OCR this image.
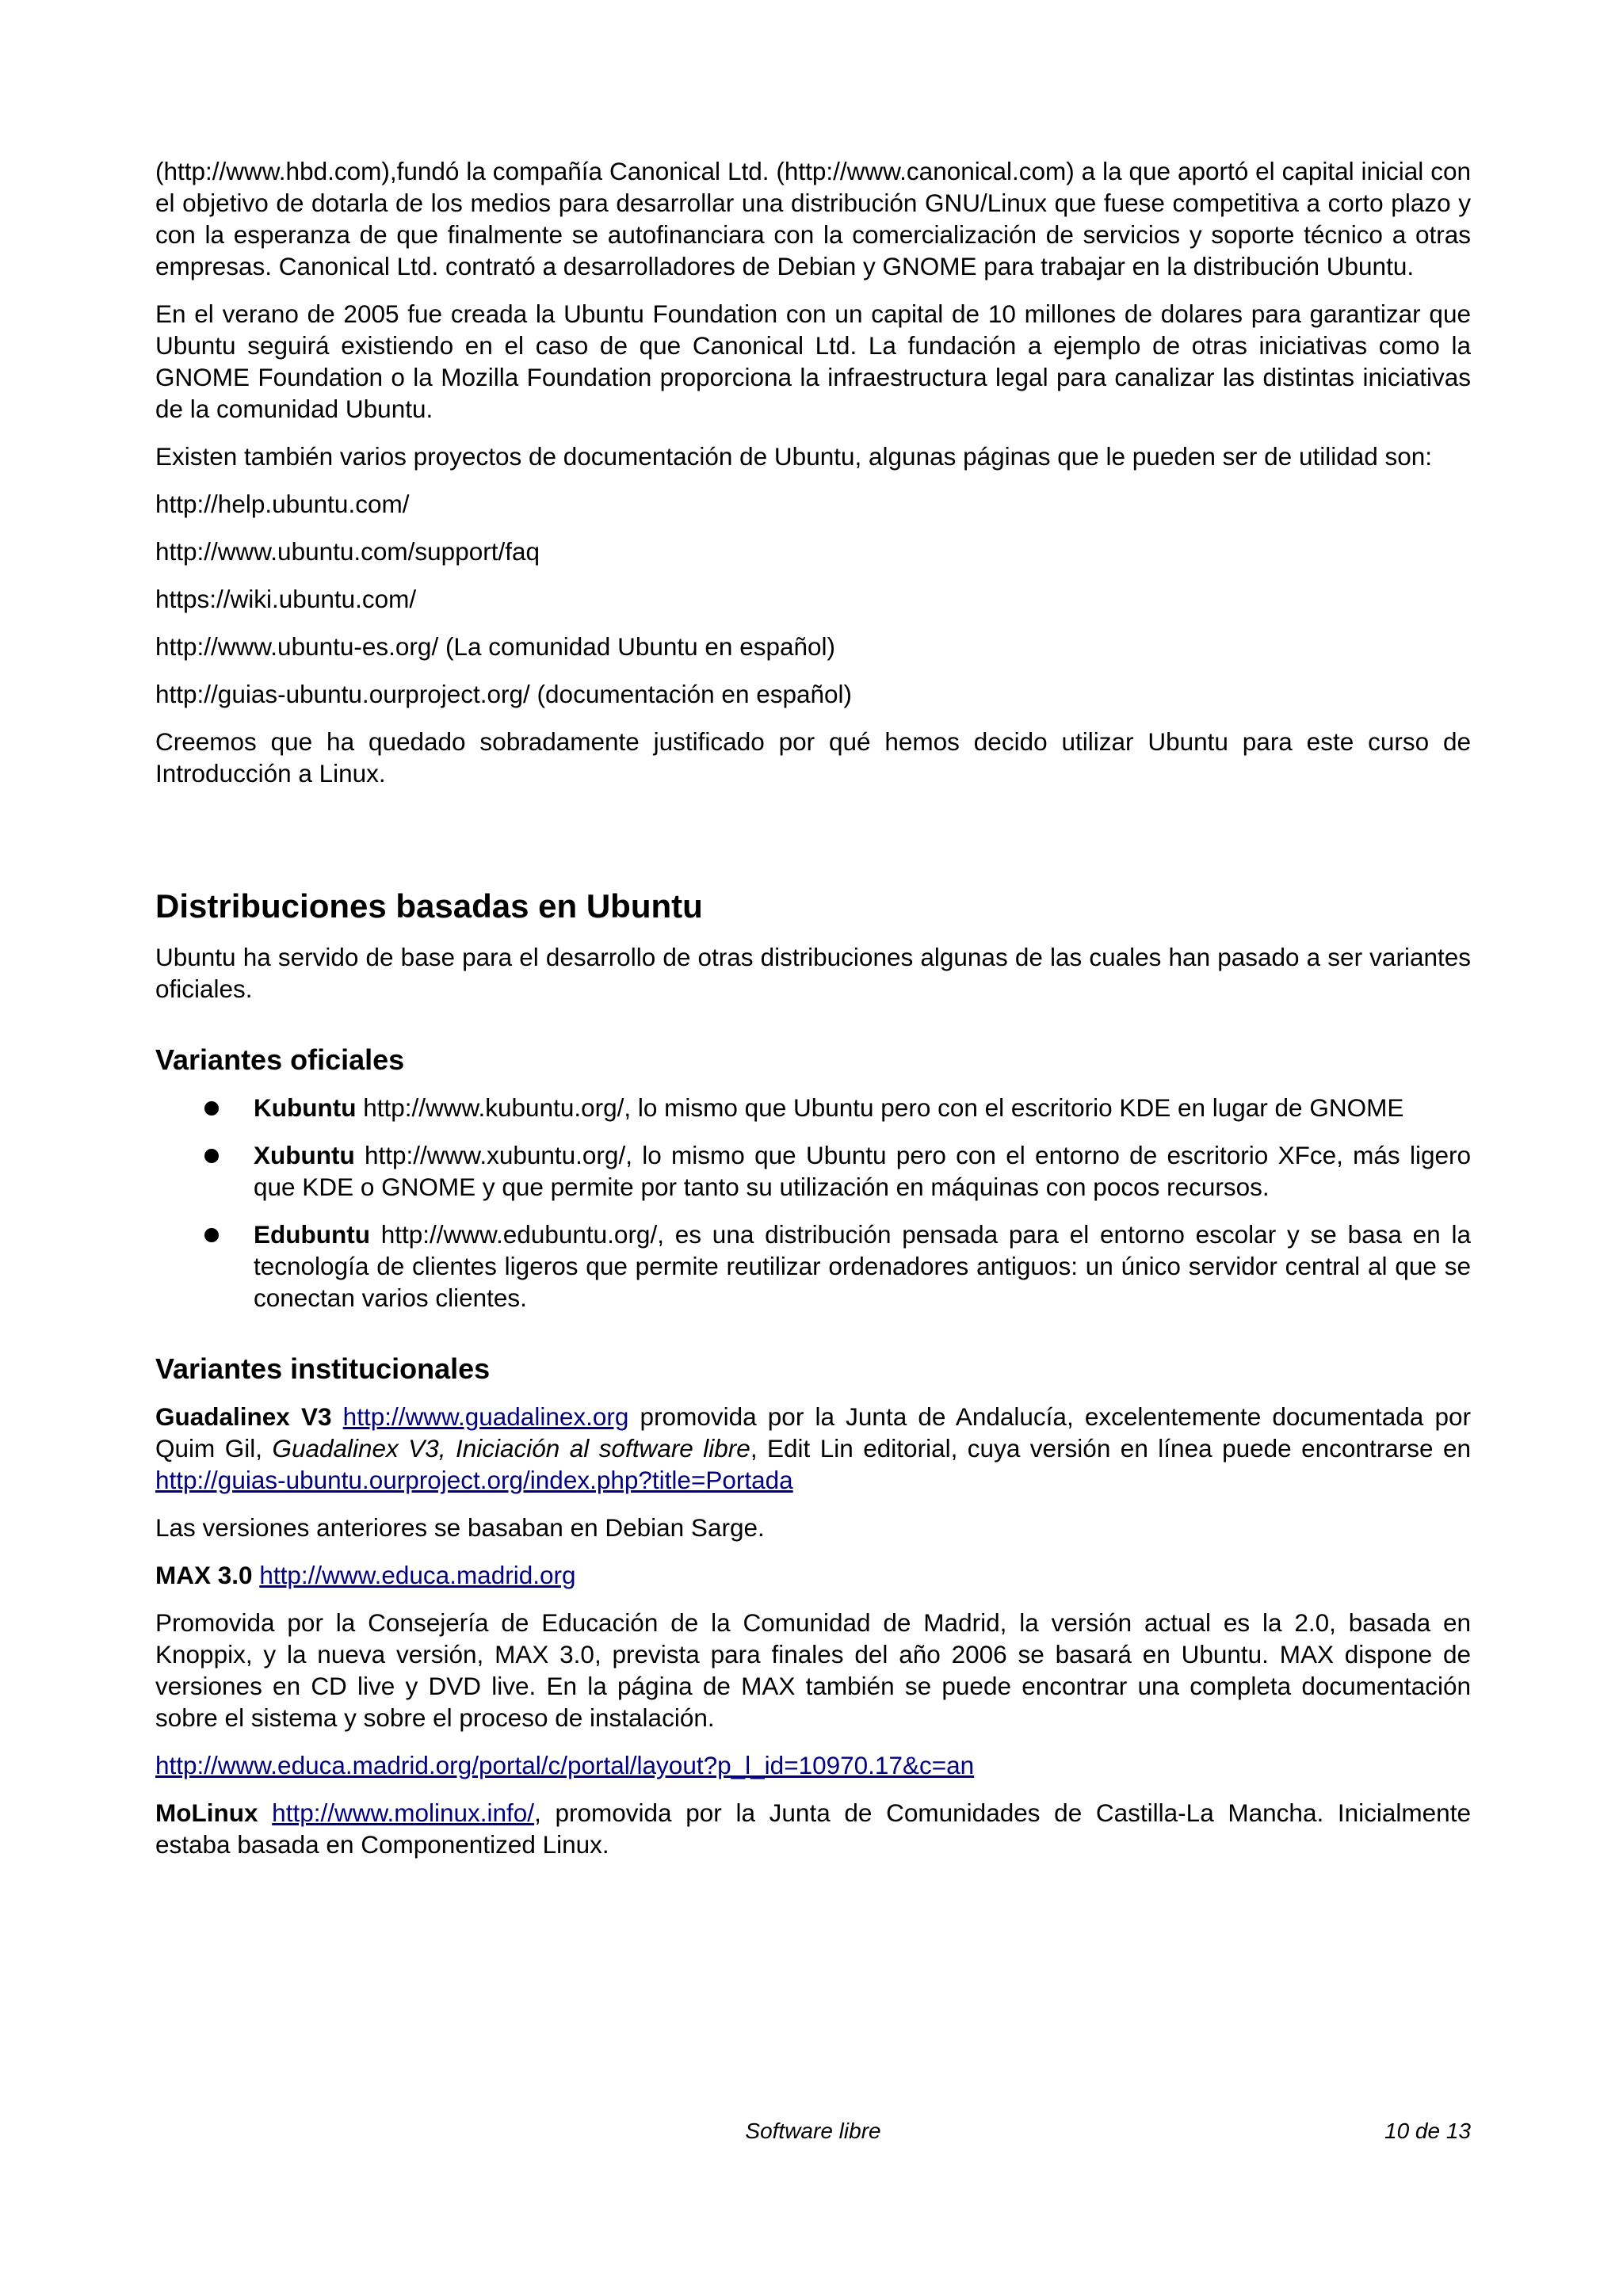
(http://www.hbd.com),fundó la compañía Canonical Ltd. (http://www.canonical.com) a la que aportó el capital inicial con el objetivo de dotarla de los medios para desarrollar una distribución GNU/Linux que fuese competitiva a corto plazo y con la esperanza de que finalmente se autofinanciara con la comercialización de servicios y soporte técnico a otras empresas. Canonical Ltd. contrató a desarrolladores de Debian y GNOME para trabajar en la distribución Ubuntu.

En el verano de 2005 fue creada la Ubuntu Foundation con un capital de 10 millones de dolares para garantizar que Ubuntu seguirá existiendo en el caso de que Canonical Ltd. La fundación a ejemplo de otras iniciativas como la GNOME Foundation o la Mozilla Foundation proporciona la infraestructura legal para canalizar las distintas iniciativas de la comunidad Ubuntu.

Existen también varios proyectos de documentación de Ubuntu, algunas páginas que le pueden ser de utilidad son:

http://help.ubuntu.com/

http://www.ubuntu.com/support/faq

https://wiki.ubuntu.com/

http://www.ubuntu-es.org/ (La comunidad Ubuntu en español)

http://guias-ubuntu.ourproject.org/ (documentación en español)

Creemos que ha quedado sobradamente justificado por qué hemos decido utilizar Ubuntu para este curso de Introducción a Linux.

Distribuciones basadas en Ubuntu

Ubuntu ha servido de base para el desarrollo de otras distribuciones algunas de las cuales han pasado a ser variantes oficiales.

Variantes oficiales
Kubuntu http://www.kubuntu.org/, lo mismo que Ubuntu pero con el escritorio KDE en lugar de GNOME
Xubuntu http://www.xubuntu.org/, lo mismo que Ubuntu pero con el entorno de escritorio XFce, más ligero que KDE o GNOME y que permite por tanto su utilización en máquinas con pocos recursos.
Edubuntu http://www.edubuntu.org/, es una distribución pensada para el entorno escolar y se basa en la tecnología de clientes ligeros que permite reutilizar ordenadores antiguos: un único servidor central al que se conectan varios clientes.
Variantes institucionales

Guadalinex V3 http://www.guadalinex.org promovida por la Junta de Andalucía, excelentemente documentada por Quim Gil, Guadalinex V3, Iniciación al software libre, Edit Lin editorial, cuya versión en línea puede encontrarse en http://guias-ubuntu.ourproject.org/index.php?title=Portada

Las versiones anteriores se basaban en Debian Sarge.

MAX 3.0 http://www.educa.madrid.org

Promovida por la Consejería de Educación de la Comunidad de Madrid, la versión actual es la 2.0, basada en Knoppix, y la nueva versión, MAX 3.0, prevista para finales del año 2006 se basará en Ubuntu. MAX dispone de versiones en CD live y DVD live. En la página de MAX también se puede encontrar una completa documentación sobre el sistema y sobre el proceso de instalación.

http://www.educa.madrid.org/portal/c/portal/layout?p_l_id=10970.17&c=an

MoLinux http://www.molinux.info/, promovida por la Junta de Comunidades de Castilla-La Mancha. Inicialmente estaba basada en Componentized Linux.

Software libre	10 de 13
